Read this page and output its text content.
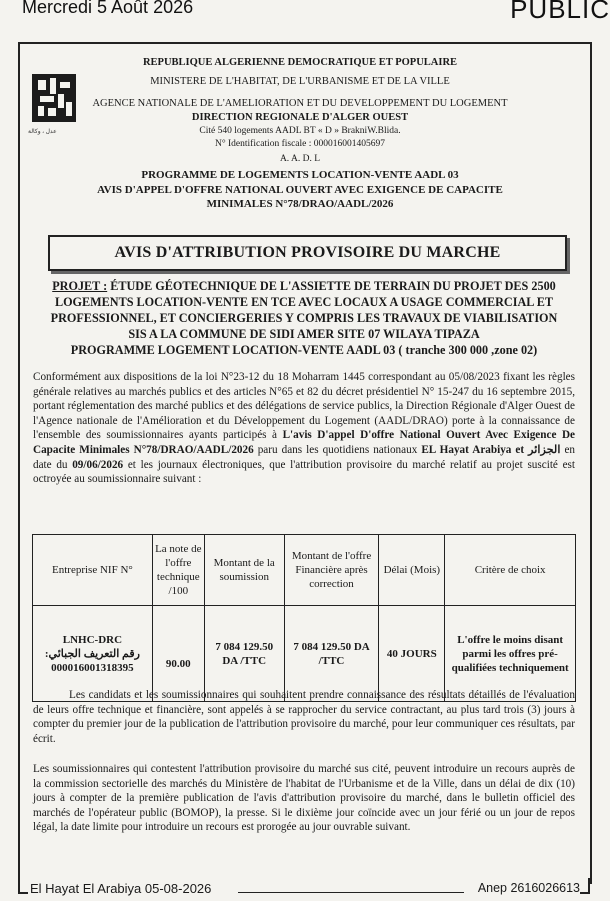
Mercredi 5 Août 2026	PUBLIC
عدل ، وكالة
REPUBLIQUE ALGERIENNE DEMOCRATIQUE ET POPULAIRE
MINISTERE DE L'HABITAT, DE L'URBANISME ET DE LA VILLE
AGENCE NATIONALE DE L'AMELIORATION ET DU DEVELOPPEMENT DU LOGEMENT
DIRECTION REGIONALE D'ALGER OUEST
Cité 540 logements AADL BT « D » BrakniW.Blida.
N° Identification fiscale : 000016001405697
A. A. D. L
PROGRAMME DE LOGEMENTS LOCATION-VENTE AADL 03
AVIS D'APPEL D'OFFRE NATIONAL OUVERT AVEC EXIGENCE DE CAPACITE
MINIMALES N°78/DRAO/AADL/2026
AVIS D'ATTRIBUTION PROVISOIRE DU MARCHE
PROJET : ÉTUDE GÉOTECHNIQUE DE L'ASSIETTE DE TERRAIN DU PROJET DES 2500
LOGEMENTS LOCATION-VENTE EN TCE AVEC LOCAUX A USAGE COMMERCIAL ET
PROFESSIONNEL, ET CONCIERGERIES Y COMPRIS LES TRAVAUX DE VIABILISATION
SIS A LA COMMUNE DE SIDI AMER SITE 07 WILAYA TIPAZA
PROGRAMME LOGEMENT LOCATION-VENTE AADL 03 ( tranche 300 000 ,zone 02)
Conformément aux dispositions de la loi N°23-12 du 18 Moharram 1445 correspondant au 05/08/2023 fixant les règles générale relatives au marchés publics et des articles N°65 et 82 du décret présidentiel N° 15-247 du 16 septembre 2015, portant réglementation des marché publics et des délégations de service publics, la Direction Régionale d'Alger Ouest de l'Agence nationale de l'Amélioration et du Développement du Logement (AADL/DRAO) porte à la connaissance de l'ensemble des soumissionnaires ayants participés à L'avis D'appel D'offre National Ouvert Avec Exigence De Capacite Minimales N°78/DRAO/AADL/2026 paru dans les quotidiens nationaux EL Hayat Arabiya et الجزائر en date du 09/06/2026 et les journaux électroniques, que l'attribution provisoire du marché relatif au projet suscité est octroyée au soumissionnaire suivant :
Entreprise NIF N°	La note de l'offre technique /100	Montant de la soumission	Montant de l'offre Financière après correction	Délai (Mois)	Critère de choix

LNHC-DRC
رقم التعريف الجبائي:
000016001318395	90.00	7 084 129.50 DA /TTC	7 084 129.50 DA /TTC	40 JOURS	L'offre le moins disant parmi les offres pré-qualifiées techniquement
Les candidats et les soumissionnaires qui souhaitent prendre connaissance des résultats détaillés de l'évaluation de leurs offre technique et financière, sont appelés à se rapprocher du service contractant, au plus tard trois (3) jours à compter du premier jour de la publication de l'attribution provisoire du marché, pour leur communiquer ces résultats, par écrit.
Les soumissionnaires qui contestent l'attribution provisoire du marché sus cité, peuvent introduire un recours auprès de la commission sectorielle des marchés du Ministère de l'habitat de l'Urbanisme et de la Ville, dans un délai de dix (10) jours à compter de la première publication de l'avis d'attribution provisoire du marché, dans le bulletin officiel des marchés de l'opérateur public (BOMOP), la presse. Si le dixième jour coïncide avec un jour férié ou un jour de repos légal, la date limite pour introduire un recours est prorogée au jour ouvrable suivant.
El Hayat El Arabiya 05-08-2026	Anep 2616026613
